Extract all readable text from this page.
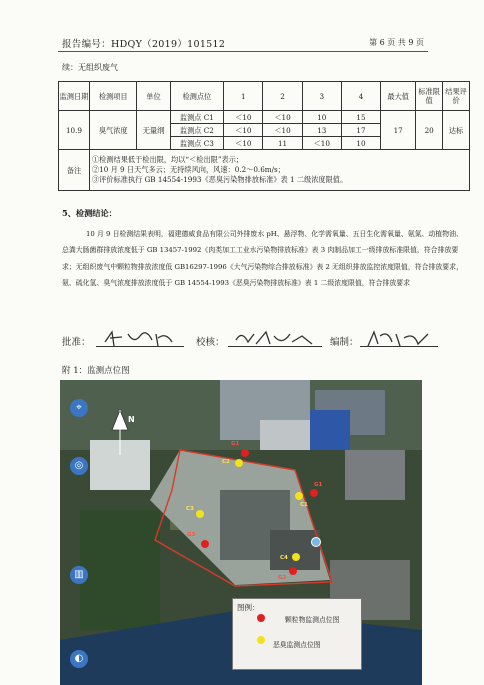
报告编号：HDQY（2019）101512	第 6 页 共 9 页
续：无组织废气
监测日期	检测项目	单位	检测点位	1	2	3	4	最大值	标准限值	结果评价
10.9	臭气浓度	无量纲	监测点 C1	＜10	＜10	10	15	17	20	达标
			监测点 C2	＜10	＜10	13	17			
			监测点 C3	＜10	11	＜10	10			
备注	①检测结果低于检出限，均以“＜检出限”表示；
②10 月 9 日天气多云；无持续风向，风速：0.2～0.6m/s；
③评价标准执行 GB 14554-1993《恶臭污染物排放标准》表 1 二级浓度限值。									
5、检测结论：
10 月 9 日检测结果表明，福建德威食品有限公司外排废水 pH、悬浮物、化学需氧量、五日生化需氧量、氨氮、动植物油、总粪大肠菌群排放浓度低于 GB 13457-1992《肉类加工工业水污染物排放标准》表 3 肉制品加工一级排放标准限值，符合排放要求；无组织废气中颗粒物排放浓度低 GB16297-1996《大气污染物综合排放标准》表 2 无组织排放监控浓度限值，符合排放要求，氨、硫化氢、臭气浓度排放浓度低于 GB 14554-1993《恶臭污染物排放标准》表 1 二级浓度限值，符合排放要求
批准：	校核：	编制：
附 1：监测点位图
N
⌖
◎
▥
◐
G1
C2
G1
C1
C3
G3
C4
G2
图例：
颗粒物监测点位图
恶臭监测点位图
